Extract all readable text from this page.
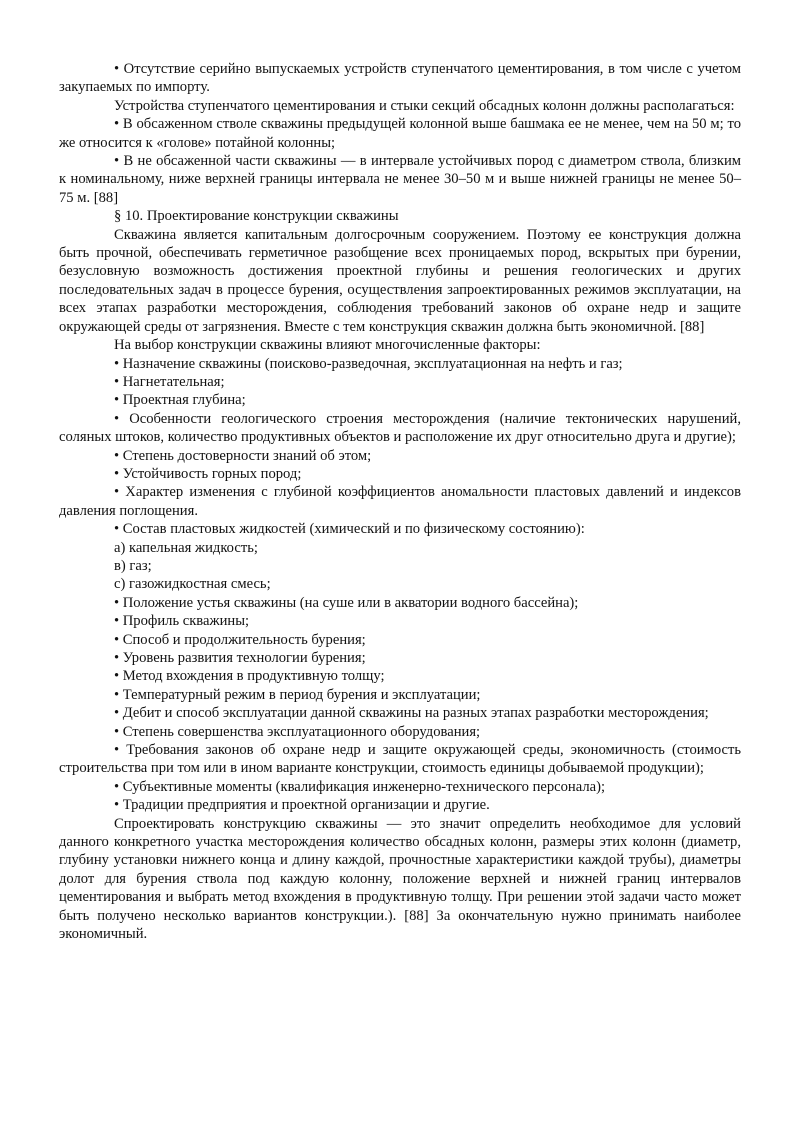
• Отсутствие серийно выпускаемых устройств ступенчатого цементирования, в том числе с учетом закупаемых по импорту.

Устройства ступенчатого цементирования и стыки секций обсадных колонн должны располагаться:

• В обсаженном стволе скважины предыдущей колонной выше башмака ее не менее, чем на 50 м; то же относится к «голове» потайной колонны;

• В не обсаженной части скважины — в интервале устойчивых пород с диаметром ствола, близким к номинальному, ниже верхней границы интервала не менее 30–50 м и выше нижней границы не менее 50–75 м. [88]

§ 10. Проектирование конструкции скважины

Скважина является капитальным долгосрочным сооружением. Поэтому ее конструкция должна быть прочной, обеспечивать герметичное разобщение всех проницаемых пород, вскрытых при бурении, безусловную возможность достижения проектной глубины и решения геологических и других последовательных задач в процессе бурения, осуществления запроектированных режимов эксплуатации, на всех этапах разработки месторождения, соблюдения требований законов об охране недр и защите окружающей среды от загрязнения. Вместе с тем конструкция скважин должна быть экономичной. [88]

На выбор конструкции скважины влияют многочисленные факторы:

• Назначение скважины (поисково-разведочная, эксплуатационная на нефть и газ;

• Нагнетательная;

• Проектная глубина;

• Особенности геологического строения месторождения (наличие тектонических нарушений, соляных штоков, количество продуктивных объектов и расположение их друг относительно друга и другие);

• Степень достоверности знаний об этом;

• Устойчивость горных пород;

• Характер изменения с глубиной коэффициентов аномальности пластовых давлений и индексов давления поглощения.

• Состав пластовых жидкостей (химический и по физическому состоянию):

а) капельная жидкость;

в) газ;

с) газожидкостная смесь;

• Положение устья скважины (на суше или в акватории водного бассейна);

• Профиль скважины;

• Способ и продолжительность бурения;

• Уровень развития технологии бурения;

• Метод вхождения в продуктивную толщу;

• Температурный режим в период бурения и эксплуатации;

• Дебит и способ эксплуатации данной скважины на разных этапах разработки месторождения;

• Степень совершенства эксплуатационного оборудования;

• Требования законов об охране недр и защите окружающей среды, экономичность (стоимость строительства при том или в ином варианте конструкции, стоимость единицы добываемой продукции);

• Субъективные моменты (квалификация инженерно-технического персонала);

• Традиции предприятия и проектной организации и другие.

Спроектировать конструкцию скважины — это значит определить необходимое для условий данного конкретного участка месторождения количество обсадных колонн, размеры этих колонн (диаметр, глубину установки нижнего конца и длину каждой, прочностные характеристики каждой трубы), диаметры долот для бурения ствола под каждую колонну, положение верхней и нижней границ интервалов цементирования и выбрать метод вхождения в продуктивную толщу. При решении этой задачи часто может быть получено несколько вариантов конструкции.). [88] За окончательную нужно принимать наиболее экономичный.
